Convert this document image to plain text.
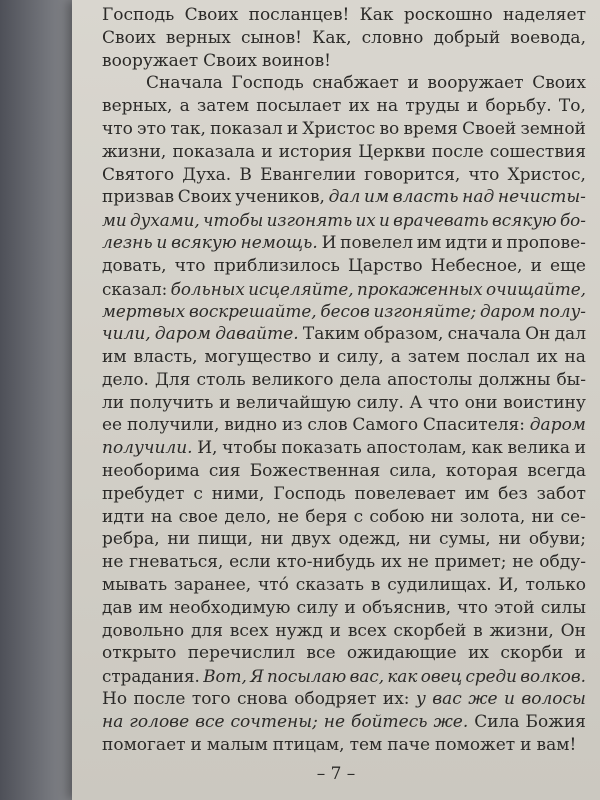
Господь Своих посланцев! Как роскошно наделяет
Своих верных сынов! Как, словно добрый воевода,
вооружает Своих воинов!
Сначала Господь снабжает и вооружает Своих
верных, а затем посылает их на труды и борьбу. То,
что это так, показал и Христос во время Своей земной
жизни, показала и история Церкви после сошествия
Святого Духа. В Евангелии говорится, что Христос,
призвав Своих учеников, дал им власть над нечисты-
ми духами, чтобы изгонять их и врачевать всякую бо-
лезнь и всякую немощь. И повелел им идти и пропове-
довать, что приблизилось Царство Небесное, и еще
сказал: больных исцеляйте, прокаженных очищайте,
мертвых воскрешайте, бесов изгоняйте; даром полу-
чили, даром давайте. Таким образом, сначала Он дал
им власть, могущество и силу, а затем послал их на
дело. Для столь великого дела апостолы должны бы-
ли получить и величайшую силу. А что они воистину
ее получили, видно из слов Самого Спасителя: даром
получили. И, чтобы показать апостолам, как велика и
необорима сия Божественная сила, которая всегда
пребудет с ними, Господь повелевает им без забот
идти на свое дело, не беря с собою ни золота, ни се-
ребра, ни пищи, ни двух одежд, ни сумы, ни обуви;
не гневаться, если кто-нибудь их не примет; не обду-
мывать заранее, что́ сказать в судилищах. И, только
дав им необходимую силу и объяснив, что этой силы
довольно для всех нужд и всех скорбей в жизни, Он
открыто перечислил все ожидающие их скорби и
страдания. Вот, Я посылаю вас, как овец среди волков.
Но после того снова ободряет их: у вас же и волосы
на голове все сочтены; не бойтесь же. Сила Божия
помогает и малым птицам, тем паче поможет и вам!
– 7 –
